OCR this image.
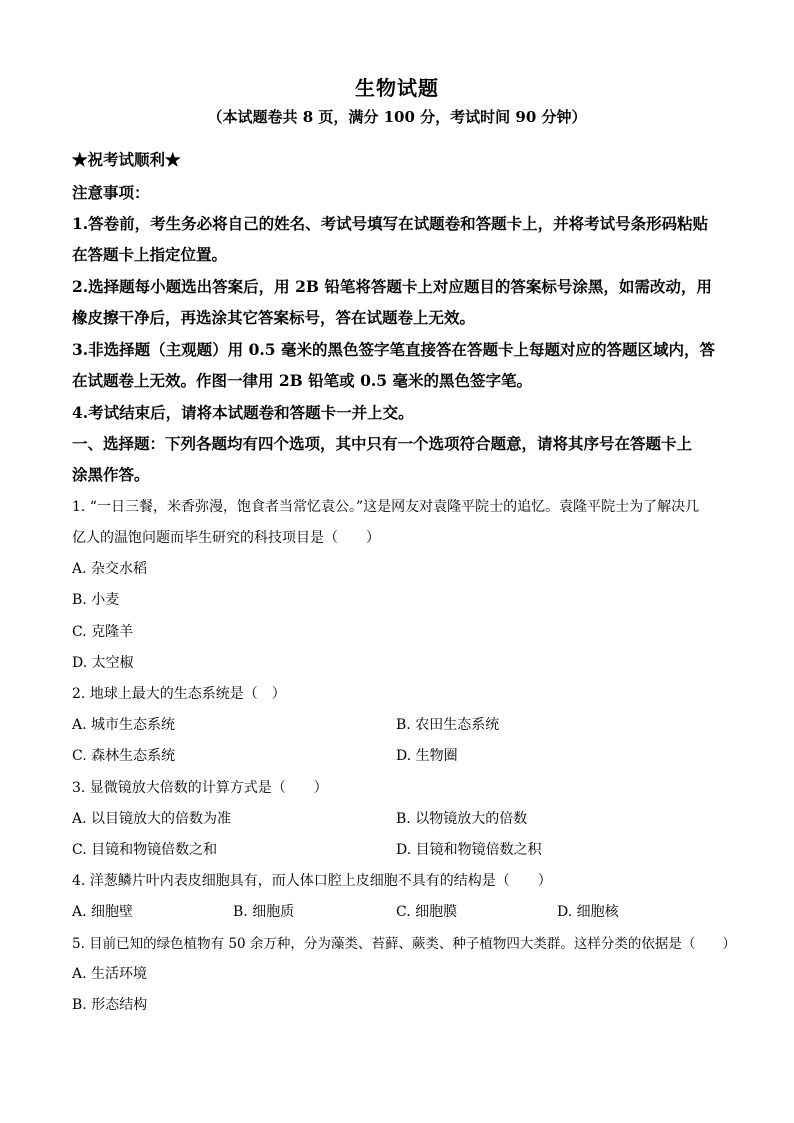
生物试题
（本试题卷共 8 页，满分 100 分，考试时间 90 分钟）
★祝考试顺利★
注意事项：
1.答卷前，考生务必将自己的姓名、考试号填写在试题卷和答题卡上，并将考试号条形码粘贴
在答题卡上指定位置。
2.选择题每小题选出答案后，用 2B 铅笔将答题卡上对应题目的答案标号涂黑，如需改动，用
橡皮擦干净后，再选涂其它答案标号，答在试题卷上无效。
3.非选择题（主观题）用 0.5 毫米的黑色签字笔直接答在答题卡上每题对应的答题区域内，答
在试题卷上无效。作图一律用 2B 铅笔或 0.5 毫米的黑色签字笔。
4.考试结束后，请将本试题卷和答题卡一并上交。
一、选择题：下列各题均有四个选项，其中只有一个选项符合题意，请将其序号在答题卡上
涂黑作答。
1. “一日三餐，米香弥漫，饱食者当常忆袁公。”这是网友对袁隆平院士的追忆。袁隆平院士为了解决几
亿人的温饱问题而毕生研究的科技项目是（　　）
A. 杂交水稻
B. 小麦
C. 克隆羊
D. 太空椒
2. 地球上最大的生态系统是（　）
A. 城市生态系统	B. 农田生态系统
C. 森林生态系统	D. 生物圈
3. 显微镜放大倍数的计算方式是（　　）
A. 以目镜放大的倍数为准	B. 以物镜放大的倍数
C. 目镜和物镜倍数之和	D. 目镜和物镜倍数之积
4. 洋葱鳞片叶内表皮细胞具有，而人体口腔上皮细胞不具有的结构是（　　）
A. 细胞壁	B. 细胞质	C. 细胞膜	D. 细胞核
5. 目前已知的绿色植物有 50 余万种，分为藻类、苔藓、蕨类、种子植物四大类群。这样分类的依据是（　　）
A. 生活环境
B. 形态结构
